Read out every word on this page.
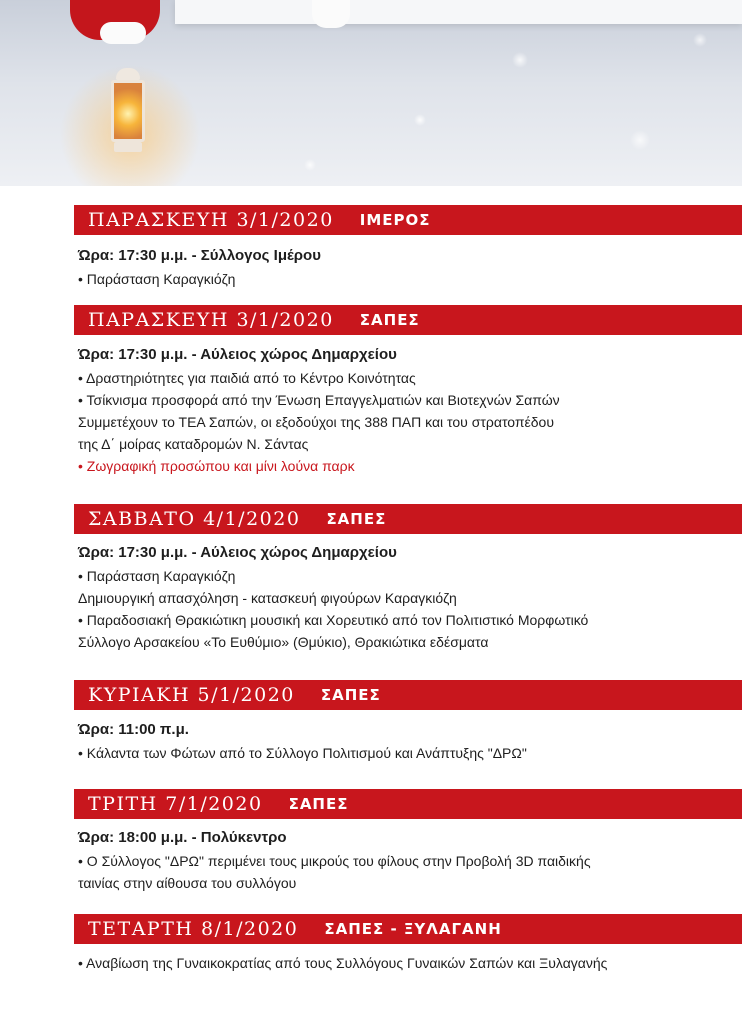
ΠΑΡΑΣΚΕΥΗ 3/1/2020 ΙΜΕΡΟΣ
Ώρα: 17:30 μ.μ. - Σύλλογος Ιμέρου
• Παράσταση Καραγκιόζη
ΠΑΡΑΣΚΕΥΗ 3/1/2020 ΣΑΠΕΣ
Ώρα: 17:30 μ.μ. - Αύλειος χώρος Δημαρχείου
• Δραστηριότητες για παιδιά από το Κέντρο Κοινότητας
• Τσίκνισμα προσφορά από την Ένωση Επαγγελματιών και Βιοτεχνών Σαπών
Συμμετέχουν το ΤΕΑ Σαπών, οι εξοδούχοι της 388 ΠΑΠ και του στρατοπέδου
της Δ΄ μοίρας καταδρομών Ν. Σάντας
• Ζωγραφική προσώπου και μίνι λούνα παρκ
ΣΑΒΒΑΤΟ 4/1/2020 ΣΑΠΕΣ
Ώρα: 17:30 μ.μ. - Αύλειος χώρος Δημαρχείου
• Παράσταση Καραγκιόζη
Δημιουργική απασχόληση - κατασκευή φιγούρων Καραγκιόζη
• Παραδοσιακή Θρακιώτικη μουσική και Χορευτικό από τον Πολιτιστικό Μορφωτικό
Σύλλογο Αρσακείου «Το Ευθύμιο» (Θμύκιο), Θρακιώτικα εδέσματα
ΚΥΡΙΑΚΗ 5/1/2020 ΣΑΠΕΣ
Ώρα: 11:00 π.μ.
• Κάλαντα των Φώτων από το Σύλλογο Πολιτισμού και Ανάπτυξης "ΔΡΩ"
ΤΡΙΤΗ 7/1/2020 ΣΑΠΕΣ
Ώρα: 18:00 μ.μ. - Πολύκεντρο
• Ο Σύλλογος "ΔΡΩ" περιμένει τους μικρούς του φίλους στην Προβολή 3D παιδικής
ταινίας στην αίθουσα του συλλόγου
ΤΕΤΑΡΤΗ 8/1/2020 ΣΑΠΕΣ - ΞΥΛΑΓΑΝΗ
• Αναβίωση της Γυναικοκρατίας από τους Συλλόγους Γυναικών Σαπών και Ξυλαγανής
